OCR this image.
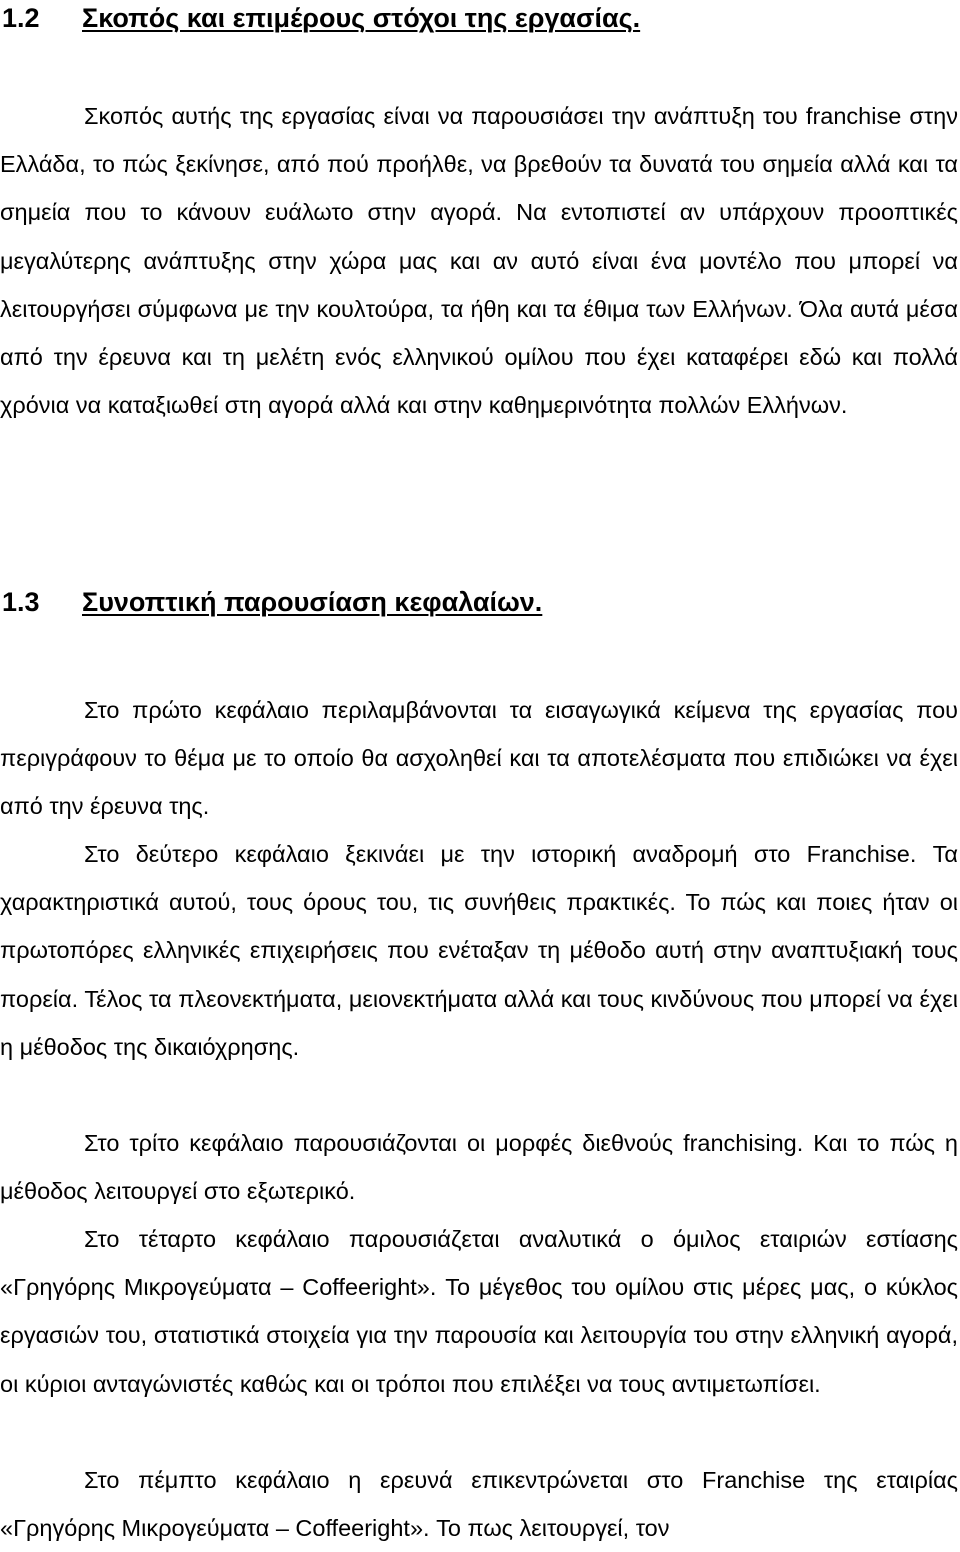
1.2 Σκοπός και επιμέρους στόχοι της εργασίας.

Σκοπός αυτής της εργασίας είναι να παρουσιάσει την ανάπτυξη του franchise στην Ελλάδα, το πώς ξεκίνησε, από πού προήλθε, να βρεθούν τα δυνατά του σημεία αλλά και τα σημεία που το κάνουν ευάλωτο στην αγορά. Να εντοπιστεί αν υπάρχουν προοπτικές μεγαλύτερης ανάπτυξης στην χώρα μας και αν αυτό είναι ένα μοντέλο που μπορεί να λειτουργήσει σύμφωνα με την κουλτούρα, τα ήθη και τα έθιμα των Ελλήνων. Όλα αυτά μέσα από την έρευνα και τη μελέτη ενός ελληνικού ομίλου που έχει καταφέρει εδώ και πολλά χρόνια να καταξιωθεί στη αγορά αλλά και στην καθημερινότητα πολλών Ελλήνων.

1.3 Συνοπτική παρουσίαση κεφαλαίων.

Στο πρώτο κεφάλαιο περιλαμβάνονται τα εισαγωγικά κείμενα της εργασίας που περιγράφουν το θέμα με το οποίο θα ασχοληθεί και τα αποτελέσματα που επιδιώκει να έχει από την έρευνα της.

Στο δεύτερο κεφάλαιο ξεκινάει με την ιστορική αναδρομή στο Franchise. Τα χαρακτηριστικά αυτού, τους όρους του, τις συνήθεις πρακτικές. Το πώς και ποιες ήταν οι πρωτοπόρες ελληνικές επιχειρήσεις που ενέταξαν τη μέθοδο αυτή στην αναπτυξιακή τους πορεία. Τέλος τα πλεονεκτήματα, μειονεκτήματα αλλά και τους κινδύνους που μπορεί να έχει η μέθοδος της δικαιόχρησης.

Στο τρίτο κεφάλαιο παρουσιάζονται οι μορφές διεθνούς franchising. Και το πώς η μέθοδος λειτουργεί στο εξωτερικό.

Στο τέταρτο κεφάλαιο παρουσιάζεται αναλυτικά ο όμιλος εταιριών εστίασης «Γρηγόρης Μικρογεύματα – Coffeeright». Το μέγεθος του ομίλου στις μέρες μας, ο κύκλος εργασιών του, στατιστικά στοιχεία για την παρουσία και λειτουργία του στην ελληνική αγορά, οι κύριοι ανταγώνιστές καθώς και οι τρόποι που επιλέξει να τους αντιμετωπίσει.

Στο πέμπτο κεφάλαιο η ερευνά επικεντρώνεται στο Franchise της εταιρίας «Γρηγόρης Μικρογεύματα – Coffeeright». Το πως λειτουργεί, τον
